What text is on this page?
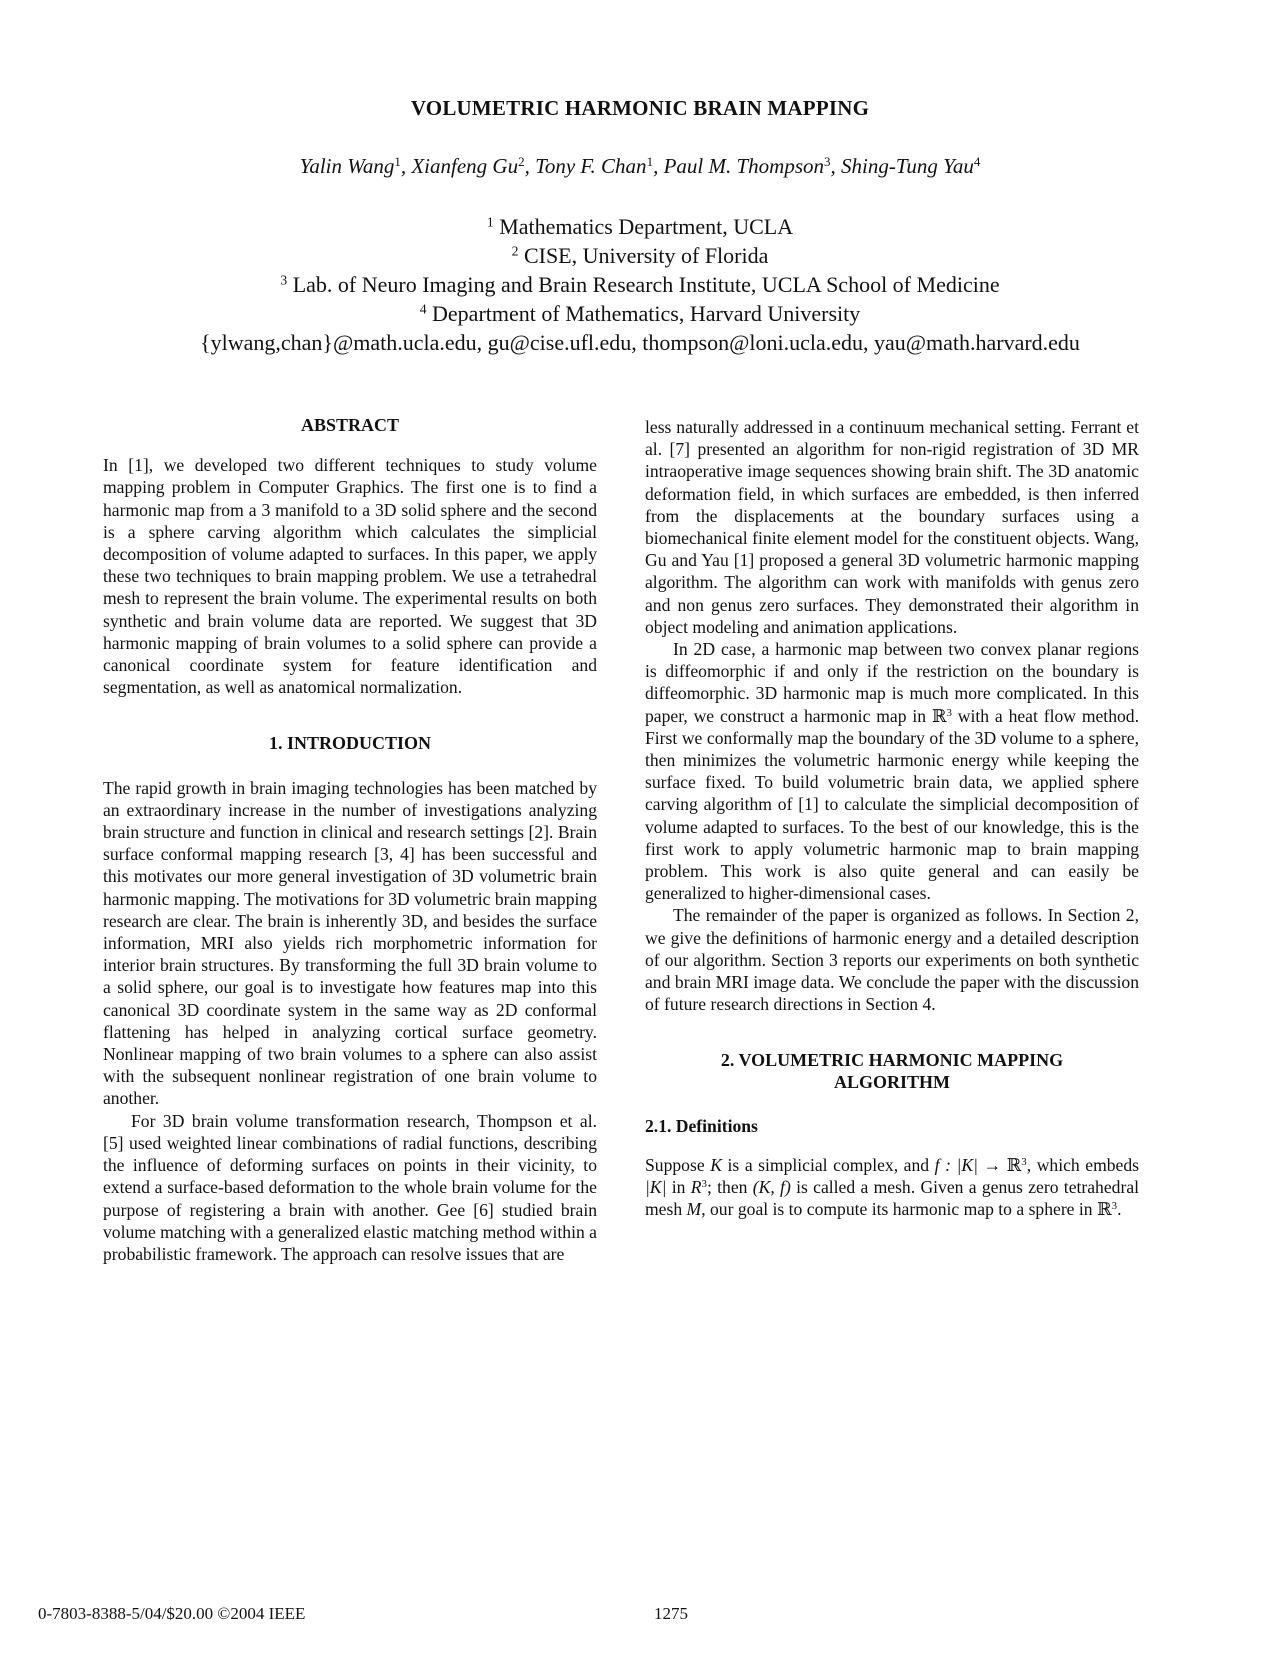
VOLUMETRIC HARMONIC BRAIN MAPPING
Yalin Wang$^1$, Xianfeng Gu$^2$, Tony F. Chan$^1$, Paul M. Thompson$^3$, Shing-Tung Yau$^4$
$^1$ Mathematics Department, UCLA
$^2$ CISE, University of Florida
$^3$ Lab. of Neuro Imaging and Brain Research Institute, UCLA School of Medicine
$^4$ Department of Mathematics, Harvard University
{ylwang,chan}@math.ucla.edu, gu@cise.ufl.edu, thompson@loni.ucla.edu, yau@math.harvard.edu
ABSTRACT

In [1], we developed two different techniques to study volume mapping problem in Computer Graphics. The first one is to find a harmonic map from a 3 manifold to a 3D solid sphere and the second is a sphere carving algorithm which calculates the simplicial decomposition of volume adapted to surfaces. In this paper, we apply these two techniques to brain mapping problem. We use a tetrahedral mesh to represent the brain volume. The experimental results on both synthetic and brain volume data are reported. We suggest that 3D harmonic mapping of brain volumes to a solid sphere can provide a canonical coordinate system for feature identification and segmentation, as well as anatomical normalization.

1. INTRODUCTION

The rapid growth in brain imaging technologies has been matched by an extraordinary increase in the number of investigations analyzing brain structure and function in clinical and research settings [2]. Brain surface conformal mapping research [3, 4] has been successful and this motivates our more general investigation of 3D volumetric brain harmonic mapping. The motivations for 3D volumetric brain mapping research are clear. The brain is inherently 3D, and besides the surface information, MRI also yields rich morphometric information for interior brain structures. By transforming the full 3D brain volume to a solid sphere, our goal is to investigate how features map into this canonical 3D coordinate system in the same way as 2D conformal flattening has helped in analyzing cortical surface geometry. Nonlinear mapping of two brain volumes to a sphere can also assist with the subsequent nonlinear registration of one brain volume to another.

For 3D brain volume transformation research, Thompson et al. [5] used weighted linear combinations of radial functions, describing the influence of deforming surfaces on points in their vicinity, to extend a surface-based deformation to the whole brain volume for the purpose of registering a brain with another. Gee [6] studied brain volume matching with a generalized elastic matching method within a probabilistic framework. The approach can resolve issues that are

less naturally addressed in a continuum mechanical setting. Ferrant et al. [7] presented an algorithm for non-rigid registration of 3D MR intraoperative image sequences showing brain shift. The 3D anatomic deformation field, in which surfaces are embedded, is then inferred from the displacements at the boundary surfaces using a biomechanical finite element model for the constituent objects. Wang, Gu and Yau [1] proposed a general 3D volumetric harmonic mapping algorithm. The algorithm can work with manifolds with genus zero and non genus zero surfaces. They demonstrated their algorithm in object modeling and animation applications.

In 2D case, a harmonic map between two convex planar regions is diffeomorphic if and only if the restriction on the boundary is diffeomorphic. 3D harmonic map is much more complicated. In this paper, we construct a harmonic map in ℝ$^3$ with a heat flow method. First we conformally map the boundary of the 3D volume to a sphere, then minimizes the volumetric harmonic energy while keeping the surface fixed. To build volumetric brain data, we applied sphere carving algorithm of [1] to calculate the simplicial decomposition of volume adapted to surfaces. To the best of our knowledge, this is the first work to apply volumetric harmonic map to brain mapping problem. This work is also quite general and can easily be generalized to higher-dimensional cases.

The remainder of the paper is organized as follows. In Section 2, we give the definitions of harmonic energy and a detailed description of our algorithm. Section 3 reports our experiments on both synthetic and brain MRI image data. We conclude the paper with the discussion of future research directions in Section 4.

2. VOLUMETRIC HARMONIC MAPPING
ALGORITHM
2.1. Definitions

Suppose K is a simplicial complex, and f : |K| → ℝ$^3$, which embeds |K| in $R^3$; then (K, f) is called a mesh. Given a genus zero tetrahedral mesh M, our goal is to compute its harmonic map to a sphere in ℝ$^3$.

0-7803-8388-5/04/$20.00 ©2004 IEEE	1275
